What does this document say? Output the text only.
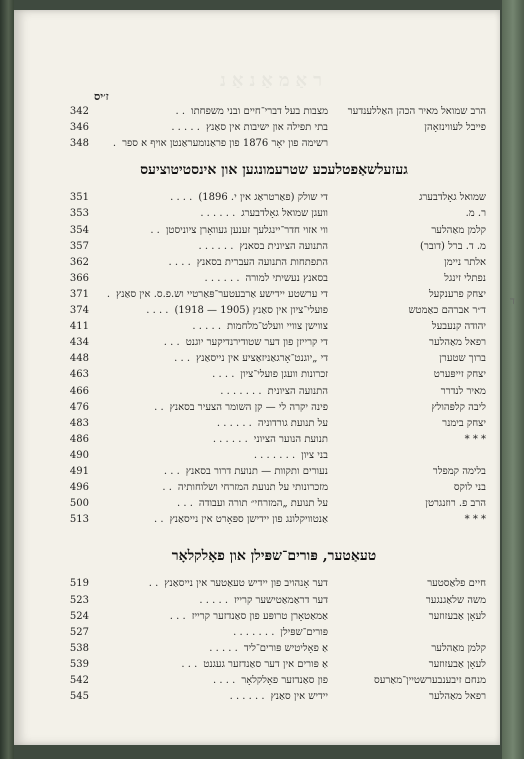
ראַמאַנאַנ
ז׳יס
342	מצבות בעל דברי־חיים ובני משפחתו. .	הרב שמואל מאיר הכהן האַללענדער
346	בתי תפילה און ישיבות אין סאַנץ. . . . .	פייבל לעווינזאָהן
348	רשימה פון יאָר 1876 פון פראַנומעראַנטן אויף א ספר.
געזעלשאַפטלעכע שטרעמונגען און אינסטיטוציעס
351	די שולק (פאַרטראַג אין י. 1896). . . .	שמואל גאָלדבערג
353	וועגן שמואל גאָלדבערג. . . . . .	ר. מ.
354	ווי אזוי חדר־יינגלעך זענען געוואָרן ציוניסטן. .	קלמן מאַהלער
357	התנועה הציונית בסאנץ. . . . . .	מ. ד. ברל (דובר)
362	התפתחות התנועה העברית בסאנץ. . . .	אלתר ניימן
366	בסאנץ נעשיתי למורה. . . . . .	נפתלי זינגל
371	די ערשטע יידישע אַרבעטער־פּאַרטיי וש.פ.ס. אין סאַנץ.	יצחק פרענקעל
374	פועלי־ציון אין סאַנץ (1905 — 1918). . . .	ד״ר אברהם כאַמטש
411	צווישן צוויי וועלט־מלחמות. . . . .	יהודה קנעבעל
434	די קרייזן פון דער שטודירנדיקער יוגנט. . .	רפאל מאַהלער
448	די „יוגנט־אָרגאַניזאַציע אין נייסאַנץ. . .	ברוך שטערן
463	זכרונות וועגן פועלי־ציון. . . .	יצחק זייפּערט
466	התנועה הציונית. . . . . . .	מאיר לנדרר
476	פינה יקרה לי — קן השומר הצעיר בסאנץ. .	ליבה קלפּהולץ
483	על תנועת גורדוניה. . . . . .	יצחק בימנר
486	תנועת הנוער הציוני. . . . . .	* * *
490	בני ציון. . . . . . .
491	נעורים ותקוות — תנועת דרור בסאנץ. . .	בלימה קמפלר
496	מזכרונותי על תנועת המזרחי ושלוחותיה. .	בני לוקס
500	על תנועת „המזרחי״ תורה ועבודה. . .	הרב פ. רוזנגרטן
513	אַנטוויקלונג פון יידישן ספּאָרט אין נייסאַנץ. .	* * *
טעאַטער, פּורים־שפּילן און פאָלקלאָר
519	דער אָנהויב פון יידיש טעאַטער אין נייסאַנץ. .	חיים פלאַסטער
523	דער דראַמאַטישער קרייז. . . . .	משה שלאַגנגער
524	אַמאַטאָרן טרופּע פון סאַנדזער קרייז. . .	לעאָן אַבעזוזער
527	פּורים־שפּילן. . . . . . .
538	אַ פאָליטיש פּורים־ליד. . . . .	קלמן מאַהלער
539	אַ פּורים אין דער סאַנדזער געגנט. . .	לעאָן אַבעזוזער
542	פון סאַנדזער פאָלקלאָר. . . .	מנחם זיבענבערשטיין־מאַרעס
545	יידיש אין סאַנץ. . . . . .	רפאל מאַהלער
ד
